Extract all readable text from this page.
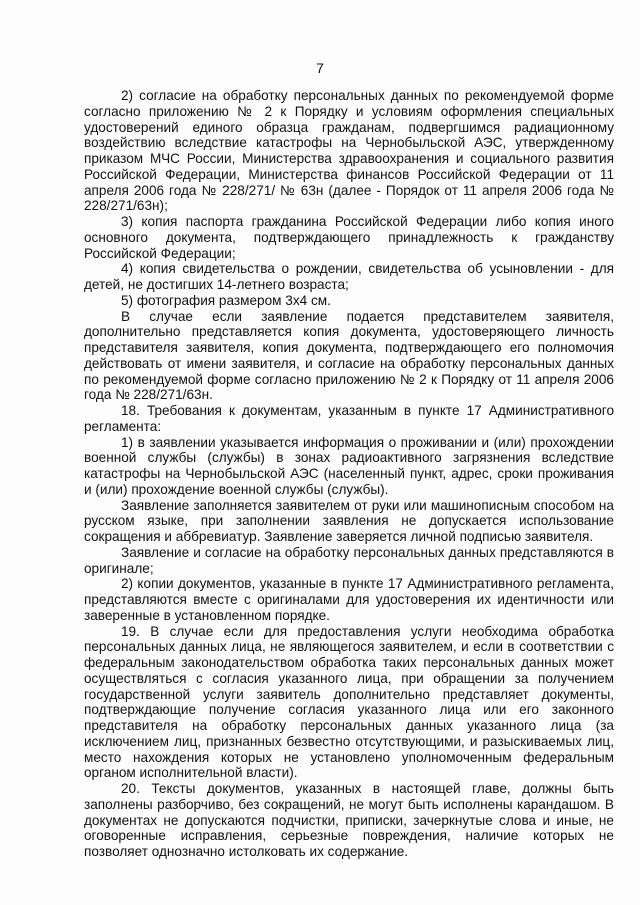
7

2) согласие на обработку персональных данных по рекомендуемой форме согласно приложению № 2 к Порядку и условиям оформления специальных удостоверений единого образца гражданам, подвергшимся радиационному воздействию вследствие катастрофы на Чернобыльской АЭС, утвержденному приказом МЧС России, Министерства здравоохранения и социального развития Российской Федерации, Министерства финансов Российской Федерации от 11 апреля 2006 года № 228/271/ № 63н (далее - Порядок от 11 апреля 2006 года № 228/271/63н);

3) копия паспорта гражданина Российской Федерации либо копия иного основного документа, подтверждающего принадлежность к гражданству Российской Федерации;

4) копия свидетельства о рождении, свидетельства об усыновлении - для детей, не достигших 14-летнего возраста;

5) фотография размером 3х4 см.

В случае если заявление подается представителем заявителя, дополнительно представляется копия документа, удостоверяющего личность представителя заявителя, копия документа, подтверждающего его полномочия действовать от имени заявителя, и согласие на обработку персональных данных по рекомендуемой форме согласно приложению № 2 к Порядку от 11 апреля 2006 года № 228/271/63н.

18. Требования к документам, указанным в пункте 17 Административного регламента:

1) в заявлении указывается информация о проживании и (или) прохождении военной службы (службы) в зонах радиоактивного загрязнения вследствие катастрофы на Чернобыльской АЭС (населенный пункт, адрес, сроки проживания и (или) прохождение военной службы (службы).

Заявление заполняется заявителем от руки или машинописным способом на русском языке, при заполнении заявления не допускается использование сокращения и аббревиатур. Заявление заверяется личной подписью заявителя.

Заявление и согласие на обработку персональных данных представляются в оригинале;

2) копии документов, указанные в пункте 17 Административного регламента, представляются вместе с оригиналами для удостоверения их идентичности или заверенные в установленном порядке.

19. В случае если для предоставления услуги необходима обработка персональных данных лица, не являющегося заявителем, и если в соответствии с федеральным законодательством обработка таких персональных данных может осуществляться с согласия указанного лица, при обращении за получением государственной услуги заявитель дополнительно представляет документы, подтверждающие получение согласия указанного лица или его законного представителя на обработку персональных данных указанного лица (за исключением лиц, признанных безвестно отсутствующими, и разыскиваемых лиц, место нахождения которых не установлено уполномоченным федеральным органом исполнительной власти).

20. Тексты документов, указанных в настоящей главе, должны быть заполнены разборчиво, без сокращений, не могут быть исполнены карандашом. В документах не допускаются подчистки, приписки, зачеркнутые слова и иные, не оговоренные исправления, серьезные повреждения, наличие которых не позволяет однозначно истолковать их содержание.
